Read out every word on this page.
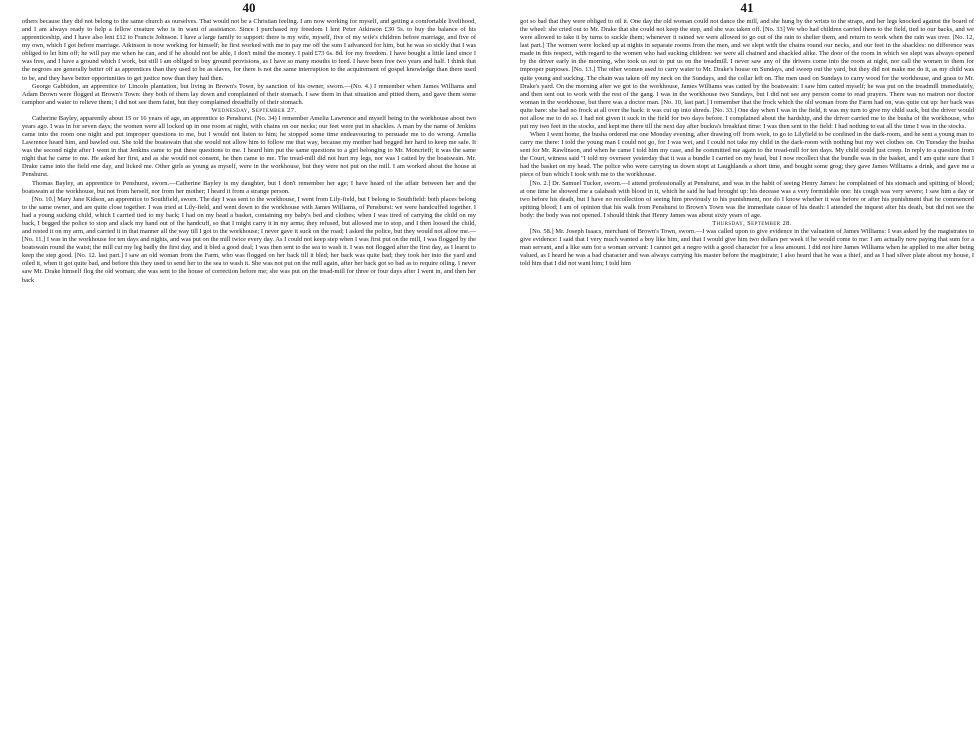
40

others because they did not belong to the same church as ourselves. That would not be a Christian feeling. I am now working for myself, and getting a comfortable livelihood, and I am always ready to help a fellow creature who is in want of assistance. Since I purchased my freedom I lent Peter Atkinson £30 5s. to buy the balance of his apprenticeship, and I have also lent £12 to Francis Johnson. I have a large family to support: there is my wife, myself, five of my wife's children before marriage, and five of my own, which I got before marriage. Atkinson is now working for himself; he first worked with me to pay me off the sum I advanced for him, but he was so sickly that I was obliged to let him off; he will pay me when he can, and if he should not be able, I don't mind the money. I paid £73 6s. 8d. for my freedom. I have bought a little land since I was free, and I have a ground which I work, but still I am obliged to buy ground provisions, as I have so many mouths to feed. I have been free two years and half. I think that the negroes are generally better off as apprentices than they used to be as slaves, for there is not the same interruption to the acquirement of gospel knowledge than there used to be, and they have better opportunities to get justice now than they had then.

George Gabbidon, an apprentice to' Lincoln plantation, but living in Brown's Town, by sanction of his owner, sworn.—(No. 4.) I remember when James Williams and Adam Brown were flogged at Brown's Town: they both of them lay down and complained of their stomach. I saw them in that situation and pitied them, and gave them some camphor and water to relieve them; I did not see them faint, but they complained dreadfully of their stomach.

Wednesday, September 27.

Catherine Bayley, apparently about 15 or 16 years of age, an apprentice to Penshurst. (No. 34) I remember Amelia Lawrence and myself being in the workhouse about two years ago. I was in for seven days; the women were all locked up in one room at night, with chains on our necks; our feet were put in shackles. A man by the name of Jenkins came into the room one night and put improper questions to me, but I would not listen to him; he stopped some time endeavouring to persuade me to do wrong. Amelia Lawrence heard him, and bawled out. She told the boatswain that she would not allow him to follow me that way, because my mother had begged her hard to keep me safe. It was the second night after I went in that Jenkins came to put these questions to me. I heard him put the same questions to a girl belonging to Mr. Moncrieff; it was the same night that he came to me. He asked her first, and as she would not consent, he then came to me. The tread-mill did not hurt my legs, nor was I catted by the boatswain. Mr. Drake came into the field one day, and licked me. Other girls as young as myself, were in the workhouse, but they were not put on the mill. I am worked about the house at Penshurst.

Thomas Bayley, an apprentice to Penshurst, sworn.—Catherine Bayley is my daughter, but I don't remember her age; I have heard of the affair between her and the boatswain at the workhouse, but not from herself, nor from her mother; I heard it from a strange person.

[No. 10.] Mary Jane Kidson, an apprentice to Southfield, sworn. The day I was sent to the workhouse, I went from Lily-field, but I belong to Southfield: both places belong to the same owner, and are quite close together. I was tried at Lily-field, and went down to the workhouse with James Williams, of Pensburst: we were handcuffed together. I had a young sucking child, which I carried tied to my back; I had on my head a basket, containing my baby's bed and clothes; when I was tired of carrying the child on my back, I begged the police to stop and slack my hand out of the handcuff, so that I might carry it in my arms; they refused, but allowed me to stop, and I then loosed the child, and rested it on my arm, and carried it in that manner all the way till I got to the workhouse; I never gave it suck on the road; I asked the police, but they would not allow me.—[No. 11.] I was in the workhouse for ten days and nights, and was put on the mill twice every day. As I could not keep step when I was first put on the mill, I was flogged by the boatswain round the waist; the mill cut my leg badly the first day, and it bled a good deal; I was then sent to the sea to wash it. I was not flogged after the first day, as I learnt to keep the step good. [No. 12. last part.] I saw an old woman from the Farm, who was flogged on her back till it bled; her back was quite bad; they took her into the yard and oiled it, when it got quite bad, and before this they used to send her to the sea to wash it. She was not put on the mill again, after her back got so bad as to require oiling. I never saw Mr. Drake himself flog the old woman; she was sent to the house of correction before me; she was put on the tread-mill for three or four days after I went in, and then her back

41

got so bad that they were obliged to oil it. One day the old woman could not dance the mill, and she hung by the wrists to the straps, and her legs knocked against the board of the wheel: she cried out to Mr. Drake that she could not keep the step, and she was taken off. [No. 33] We who had children carried them to the field, tied to our backs, and we were allowed to take it by turns to suckle them; whenever it rained we were allowed to go out of the rain to shelter them, and return to work when the rain was over. [No. 12, last part.] The women were locked up at nights in separate rooms from the men, and we slept with the chains round our necks, and our feet in the shackles: no difference was made in this respect, with regard to the women who had sucking children: we were all chained and shackled alike. The door of the room in which we slept was always opened by the driver early in the morning, who took us out to put us on the treadmill. I never saw any of the drivers come into the room at night, nor call the women to them for improper purposes. [No. 13.] The other women used to carry water to Mr. Drake's house on Sundays, and sweep out the yard, but they did not make me do it, as my child was quite young and sucking. The chain was taken off my neck on the Sundays, and the collar left on. The men used on Sundays to carry wood for the workhouse, and grass to Mr. Drake's yard. On the morning after we got to the workhouse, James Williams was catted by the boatswain: I saw him catted myself; he was put on the treadmill immediately, and then sent out to work with the rest of the gang. I was in the workhouse two Sundays, but I did not see any person come to read prayers. There was no matron nor doctor woman in the workhouse, but there was a doctor man. [No. 10, last part.] I remember that the frock which the old woman from the Farm had on, was quite cut up: her back was quite bare: she had no frock at all over the back: it was cut up into shreds. [No. 33.] One day when I was in the field, it was my turn to give my child suck, but the driver would not allow me to do so. I had not given it suck in the field for two days before. I complained about the hardship, and the driver carried me to the busha of the workhouse, who put my two feet in the stocks, and kept me there till the next day after buckra's breakfast time: I was then sent to the field: I had nothing to eat all the time I was in the stocks.

When I went home, the busha ordered me one Monday evening, after drawing off from work, to go to Lilyfield to be confined in the dark-room, and he sent a young man to carry me there: I told the young man I could not go, for I was wet, and I could not take my child in the dark-room with nothing but my wet clothes on. On Tuesday the busha sent for Mr. Rawlinson, and when he came I told him my case, and he committed me again to the tread-mill for ten days. My child could just creep. In reply to a question from the Court, witness said "I told my overseer yesterday that it was a bundle I carried on my head, but I now recollect that the bundle was in the basket, and I am quite sure that I had the basket on my head. The police who were carrying us down stopt at Laughlands a short time, and bought some grog; they gave James Williams a drink, and gave me a piece of bun which I took with me to the workhouse.

[No. 2.] Dr. Samuel Tucker, sworn.—I attend professionally at Penshurst, and was in the habit of seeing Henry James: he complained of his stomach and spitting of blood; at one time he showed me a calabash with blood in it, which he said he had brought up: his decease was a very formidable one: his cough was very severe; I saw him a day or two before his death, but I have no recollection of seeing him previously to his punishment, nor do I know whether it was before or after his punishment that he commenced spitting blood; I am of opinion that his walk from Penshurst to Brown's Town was the immediate cause of his death: I attended the inquest after his death, but did not see the body: the body was not opened. I should think that Henry James was about sixty years of age.

Thursday, September 28.

[No. 58.] Mr. Joseph Isaacs, merchant of Brown's Town, sworn.—I was called upon to give evidence in the valuation of James Williams: I was asked by the magistrates to give evidence: I said that I very much wanted a boy like him, and that I would give him two dollars per week if he would come to me: I am actually now paying that sum for a man servant, and a like sum for a woman servant: I cannot get a negro with a good character for a less amount. I did not hire James Williams when he applied to me after being valued, as I heard he was a bad character and was always carrying his master before the magistrate; I also heard that he was a thief, and as I had silver plate about my house, I told him that I did not want him; I told him
